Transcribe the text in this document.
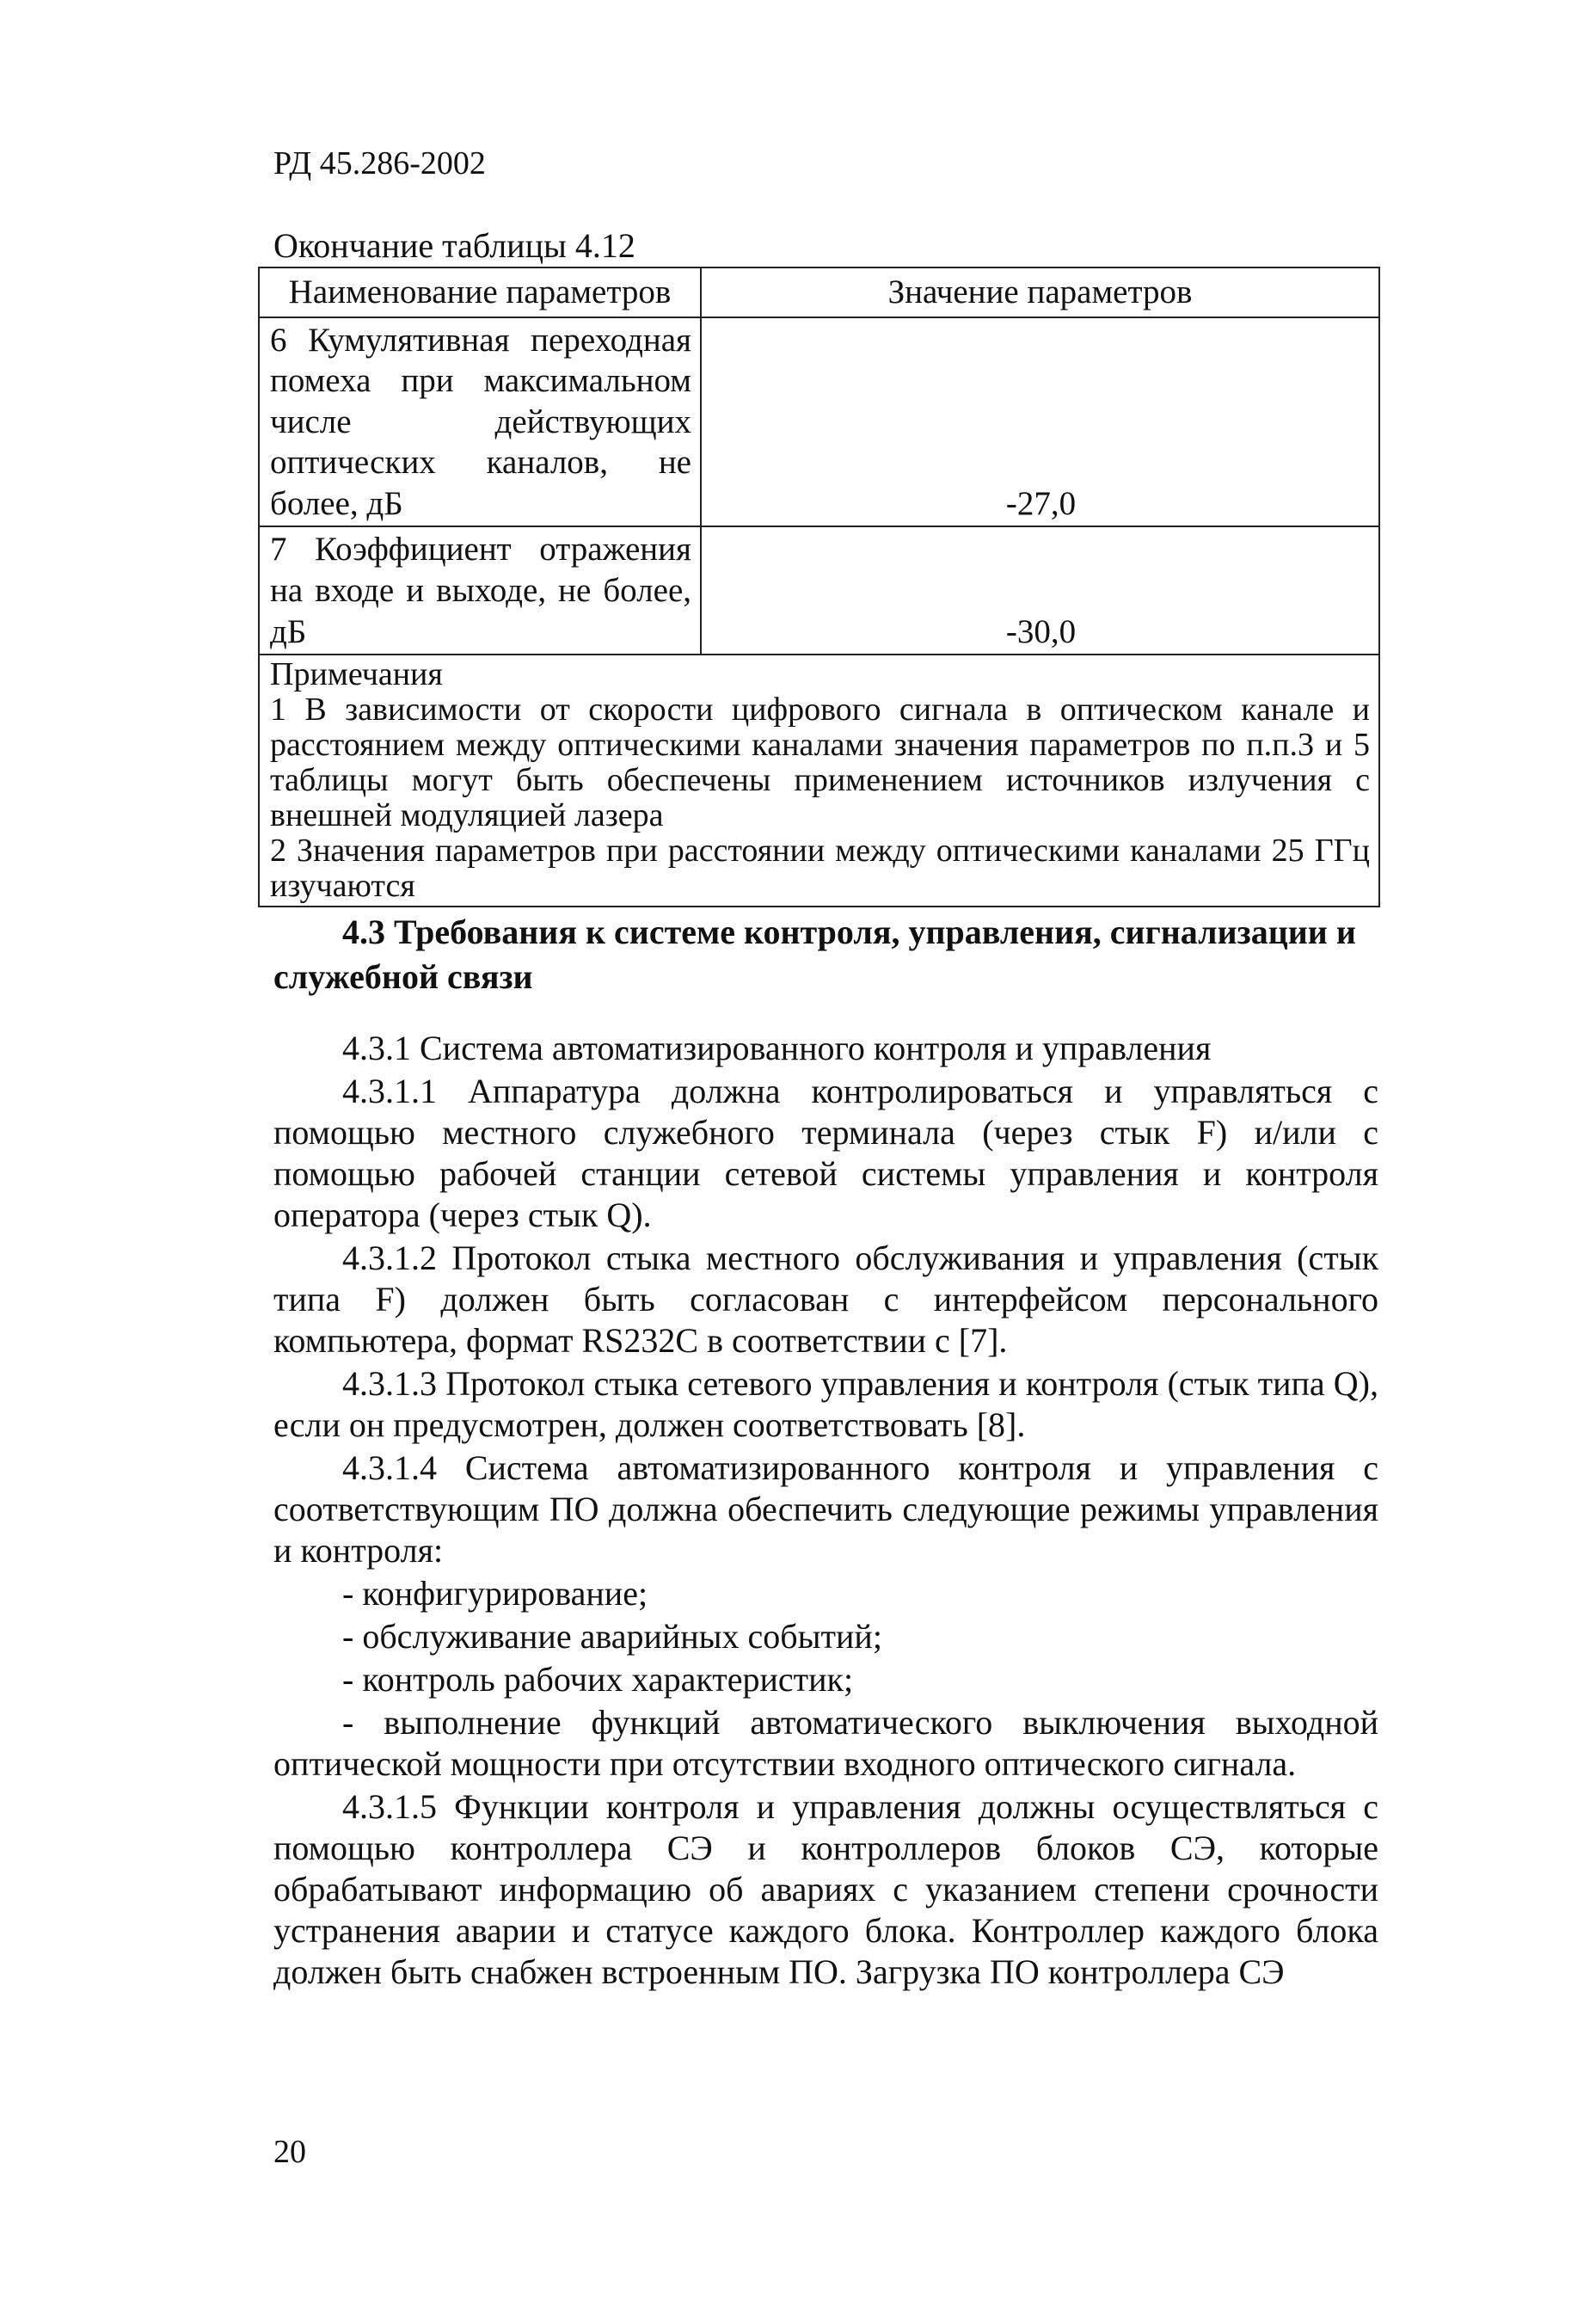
РД 45.286-2002
Окончание таблицы 4.12
Наименование параметров	Значение параметров
6 Кумулятивная переходная помеха при максимальном числе действующих оптических каналов, не более, дБ	-27,0
7 Коэффициент отражения на входе и выходе, не более, дБ	-30,0

Примечания
1 В зависимости от скорости цифрового сигнала в оптическом канале и расстоянием между оптическими каналами значения параметров по п.п.3 и 5 таблицы могут быть обеспечены применением источников излучения с внешней модуляцией лазера
2 Значения параметров при расстоянии между оптическими каналами 25 ГГц изучаются	
4.3 Требования к системе контроля, управления, сигнализации и служебной связи

4.3.1 Система автоматизированного контроля и управления

4.3.1.1 Аппаратура должна контролироваться и управляться с помощью местного служебного терминала (через стык F) и/или с помощью рабочей станции сетевой системы управления и контроля оператора (через стык Q).

4.3.1.2 Протокол стыка местного обслуживания и управления (стык типа F) должен быть согласован с интерфейсом персонального компьютера, формат RS232C в соответствии с [7].

4.3.1.3 Протокол стыка сетевого управления и контроля (стык типа Q), если он предусмотрен, должен соответствовать [8].

4.3.1.4 Система автоматизированного контроля и управления с соответствующим ПО должна обеспечить следующие режимы управления и контроля:

- конфигурирование;

- обслуживание аварийных событий;

- контроль рабочих характеристик;

- выполнение функций автоматического выключения выходной оптической мощности при отсутствии входного оптического сигнала.

4.3.1.5 Функции контроля и управления должны осуществляться с помощью контроллера СЭ и контроллеров блоков СЭ, которые обрабатывают информацию об авариях с указанием степени срочности устранения аварии и статусе каждого блока. Контроллер каждого блока должен быть снабжен встроенным ПО. Загрузка ПО контроллера СЭ

20
